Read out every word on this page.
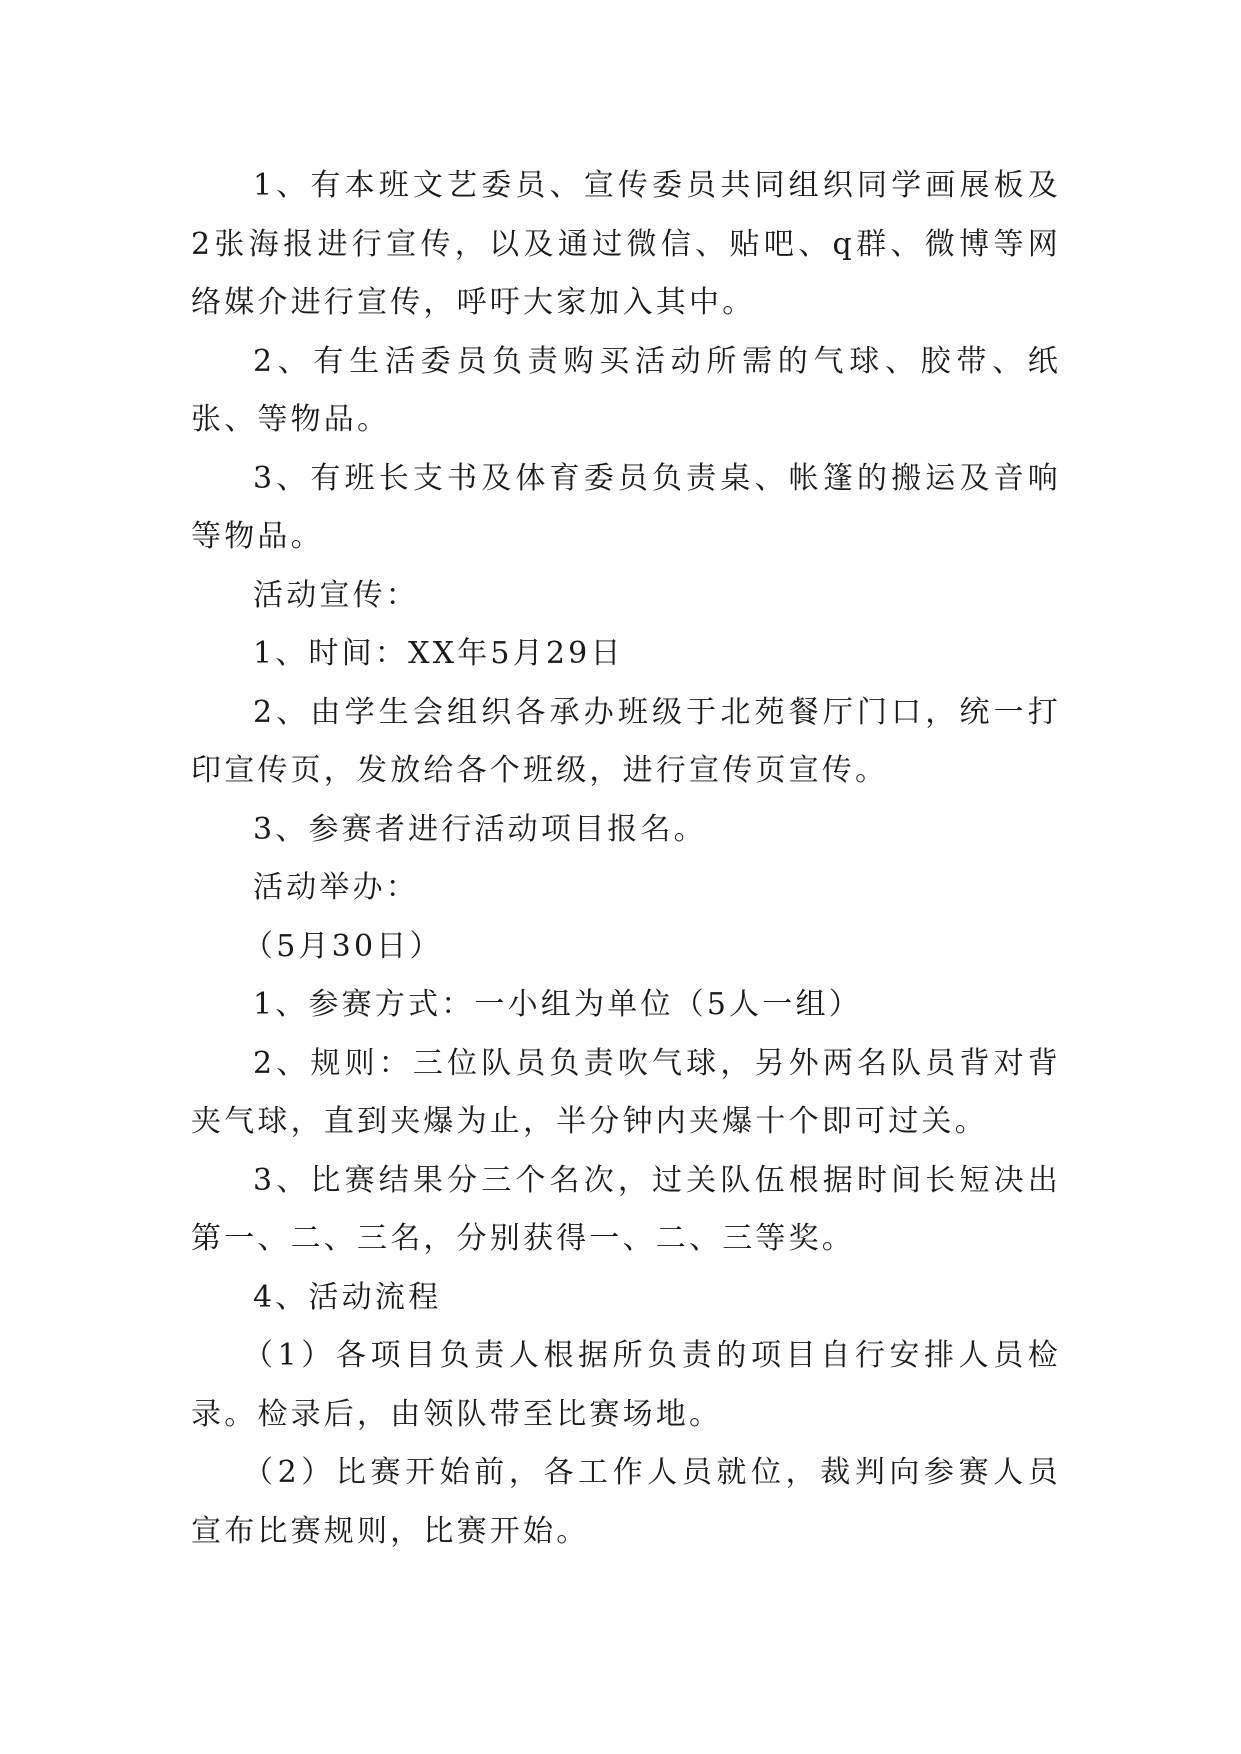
1、有本班文艺委员、宣传委员共同组织同学画展板及2张海报进行宣传，以及通过微信、贴吧、q群、微博等网络媒介进行宣传，呼吁大家加入其中。

2、有生活委员负责购买活动所需的气球、胶带、纸张、等物品。

3、有班长支书及体育委员负责桌、帐篷的搬运及音响等物品。

活动宣传：

1、时间：XX年5月29日

2、由学生会组织各承办班级于北苑餐厅门口，统一打印宣传页，发放给各个班级，进行宣传页宣传。

3、参赛者进行活动项目报名。

活动举办：

（5月30日）

1、参赛方式：一小组为单位（5人一组）

2、规则：三位队员负责吹气球，另外两名队员背对背夹气球，直到夹爆为止，半分钟内夹爆十个即可过关。

3、比赛结果分三个名次，过关队伍根据时间长短决出第一、二、三名，分别获得一、二、三等奖。

4、活动流程

（1）各项目负责人根据所负责的项目自行安排人员检录。检录后，由领队带至比赛场地。

（2）比赛开始前，各工作人员就位，裁判向参赛人员宣布比赛规则，比赛开始。
